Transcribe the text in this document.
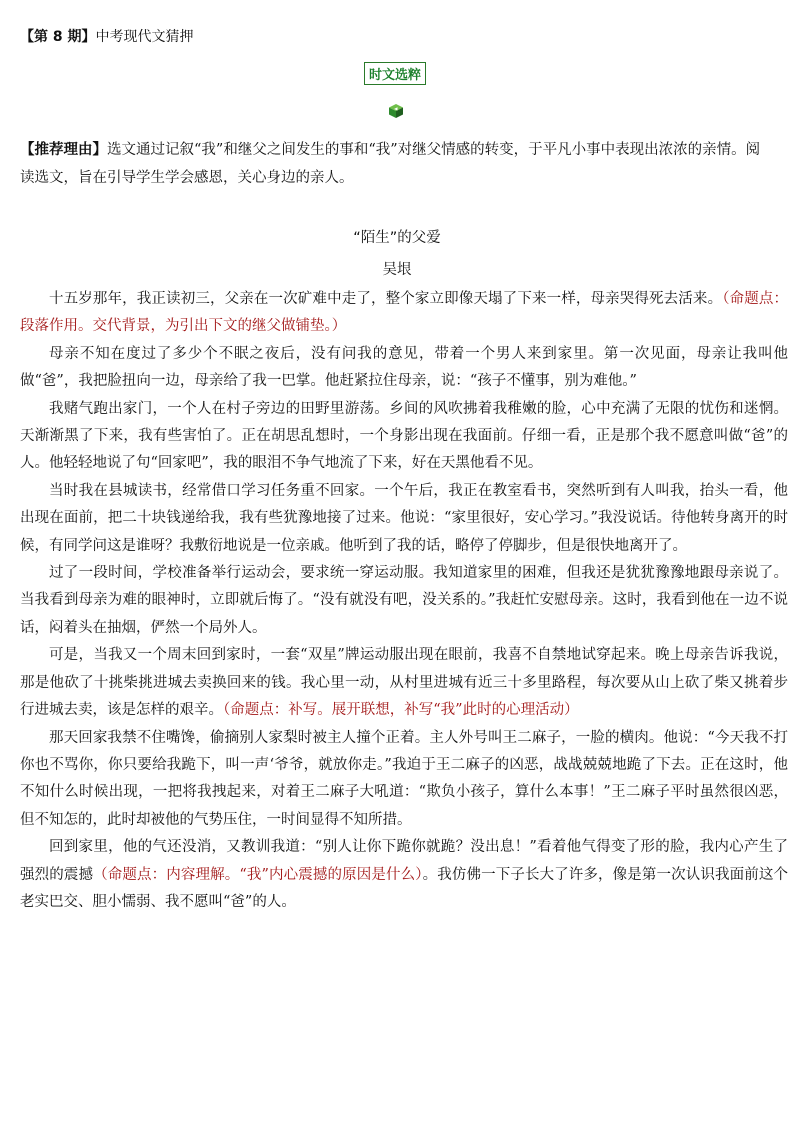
【第 8 期】中考现代文猜押
时文选粹
【推荐理由】选文通过记叙“我”和继父之间发生的事和“我”对继父情感的转变，于平凡小事中表现出浓浓的亲情。阅读选文，旨在引导学生学会感恩，关心身边的亲人。
“陌生”的父爱
吴垠

十五岁那年，我正读初三，父亲在一次矿难中走了，整个家立即像天塌了下来一样，母亲哭得死去活来。（命题点：段落作用。交代背景，为引出下文的继父做铺垫。）

母亲不知在度过了多少个不眠之夜后，没有问我的意见，带着一个男人来到家里。第一次见面，母亲让我叫他做“爸”，我把脸扭向一边，母亲给了我一巴掌。他赶紧拉住母亲，说：“孩子不懂事，别为难他。”

我赌气跑出家门，一个人在村子旁边的田野里游荡。乡间的风吹拂着我稚嫩的脸，心中充满了无限的忧伤和迷惘。天渐渐黑了下来，我有些害怕了。正在胡思乱想时，一个身影出现在我面前。仔细一看，正是那个我不愿意叫做“爸”的人。他轻轻地说了句“回家吧”，我的眼泪不争气地流了下来，好在天黑他看不见。

当时我在县城读书，经常借口学习任务重不回家。一个午后，我正在教室看书，突然听到有人叫我，抬头一看，他出现在面前，把二十块钱递给我，我有些犹豫地接了过来。他说：“家里很好，安心学习。”我没说话。待他转身离开的时候，有同学问这是谁呀？我敷衍地说是一位亲戚。他听到了我的话，略停了停脚步，但是很快地离开了。

过了一段时间，学校准备举行运动会，要求统一穿运动服。我知道家里的困难，但我还是犹犹豫豫地跟母亲说了。当我看到母亲为难的眼神时，立即就后悔了。“没有就没有吧，没关系的。”我赶忙安慰母亲。这时，我看到他在一边不说话，闷着头在抽烟，俨然一个局外人。

可是，当我又一个周末回到家时，一套“双星”牌运动服出现在眼前，我喜不自禁地试穿起来。晚上母亲告诉我说，那是他砍了十挑柴挑进城去卖换回来的钱。我心里一动，从村里进城有近三十多里路程，每次要从山上砍了柴又挑着步行进城去卖，该是怎样的艰辛。（命题点：补写。展开联想，补写“我”此时的心理活动）

那天回家我禁不住嘴馋，偷摘别人家梨时被主人撞个正着。主人外号叫王二麻子，一脸的横肉。他说：“今天我不打你也不骂你，你只要给我跪下，叫一声‘爷爷，就放你走。”我迫于王二麻子的凶恶，战战兢兢地跪了下去。正在这时，他不知什么时候出现，一把将我拽起来，对着王二麻子大吼道：“欺负小孩子，算什么本事！”王二麻子平时虽然很凶恶，但不知怎的，此时却被他的气势压住，一时间显得不知所措。

回到家里，他的气还没消，又教训我道：“别人让你下跪你就跪？没出息！”看着他气得变了形的脸，我内心产生了强烈的震撼（命题点：内容理解。“我”内心震撼的原因是什么）。我仿佛一下子长大了许多，像是第一次认识我面前这个老实巴交、胆小懦弱、我不愿叫“爸”的人。
